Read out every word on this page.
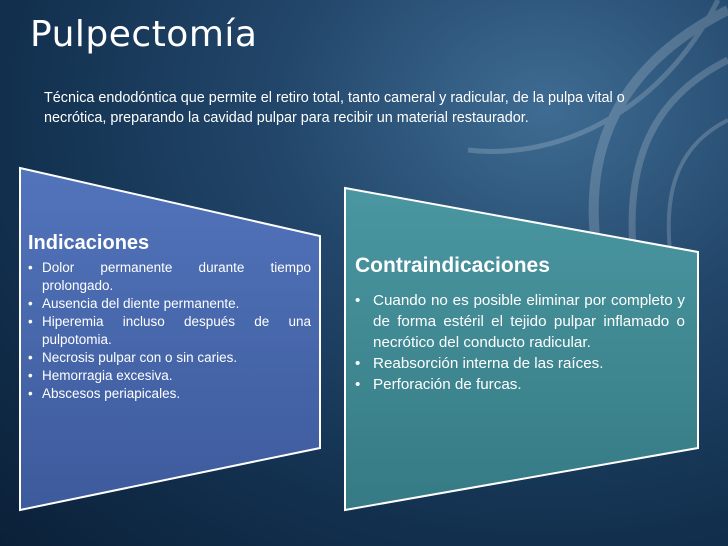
Pulpectomía

Técnica endodóntica que permite el retiro total, tanto cameral y radicular, de la pulpa vital o necrótica, preparando la cavidad pulpar para recibir un material restaurador.

Indicaciones
• Dolor permanente durante tiempo prolongado.
• Ausencia del diente permanente.
• Hiperemia incluso después de una pulpotomia.
• Necrosis pulpar con o sin caries.
• Hemorragia excesiva.
• Abscesos periapicales.
Contraindicaciones
• Cuando no es posible eliminar por completo y de forma estéril el tejido pulpar inflamado o necrótico del conducto radicular.
• Reabsorción interna de las raíces.
• Perforación de furcas.
